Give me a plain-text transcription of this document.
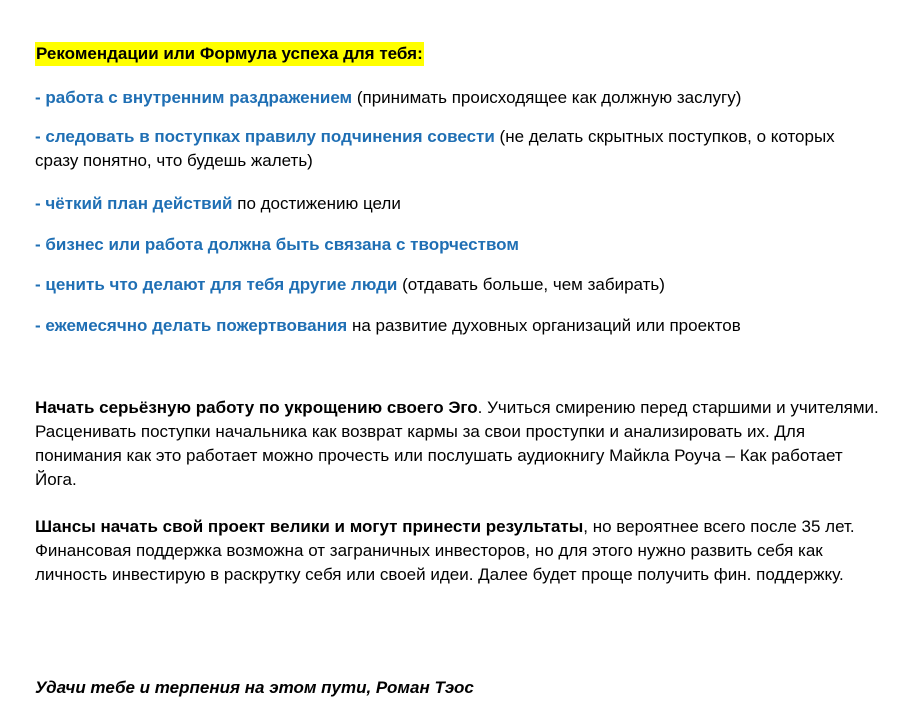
Рекомендации или Формула успеха для тебя:
- работа с внутренним раздражением (принимать происходящее как должную заслугу)
- следовать в поступках правилу подчинения совести (не делать скрытных поступков, о которых сразу понятно, что будешь жалеть)
- чёткий план действий по достижению цели
- бизнес или работа должна быть связана с творчеством
- ценить что делают для тебя другие люди (отдавать больше, чем забирать)
- ежемесячно делать пожертвования на развитие духовных организаций или проектов
Начать серьёзную работу по укрощению своего Эго. Учиться смирению перед старшими и учителями. Расценивать поступки начальника как возврат кармы за свои проступки и анализировать их. Для понимания как это работает можно прочесть или послушать аудиокнигу Майкла Роуча – Как работает Йога.
Шансы начать свой проект велики и могут принести результаты, но вероятнее всего после 35 лет. Финансовая поддержка возможна от заграничных инвесторов, но для этого нужно развить себя как личность инвестирую в раскрутку себя или своей идеи. Далее будет проще получить фин. поддержку.
Удачи тебе и терпения на этом пути, Роман Тэос
